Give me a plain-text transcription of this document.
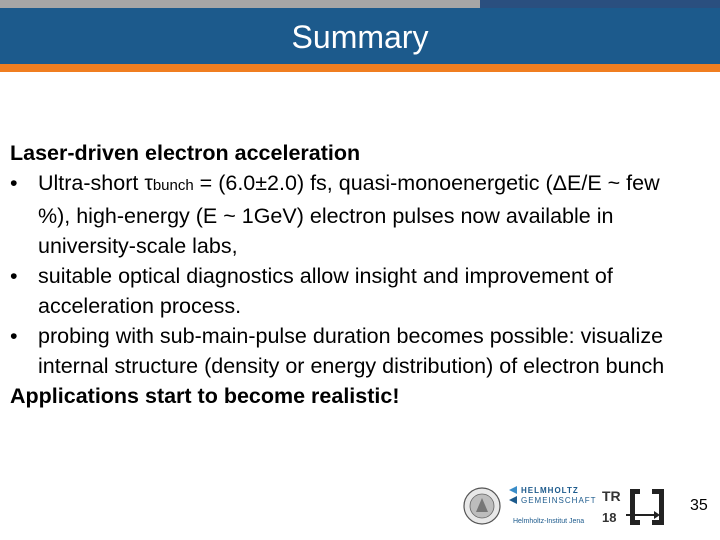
Summary
Laser-driven electron acceleration
• Ultra-short τbunch = (6.0±2.0) fs, quasi-monoenergetic (ΔE/E ~ few %), high-energy (E ~ 1GeV) electron pulses now available in university-scale labs,
• suitable optical diagnostics allow insight and improvement of acceleration process.
• probing with sub-main-pulse duration becomes possible: visualize internal structure (density or energy distribution) of electron bunch
Applications start to become realistic!
HELMHOLTZ
GEMEINSCHAFT
Helmholtz-Institut Jena
TR
18
35
